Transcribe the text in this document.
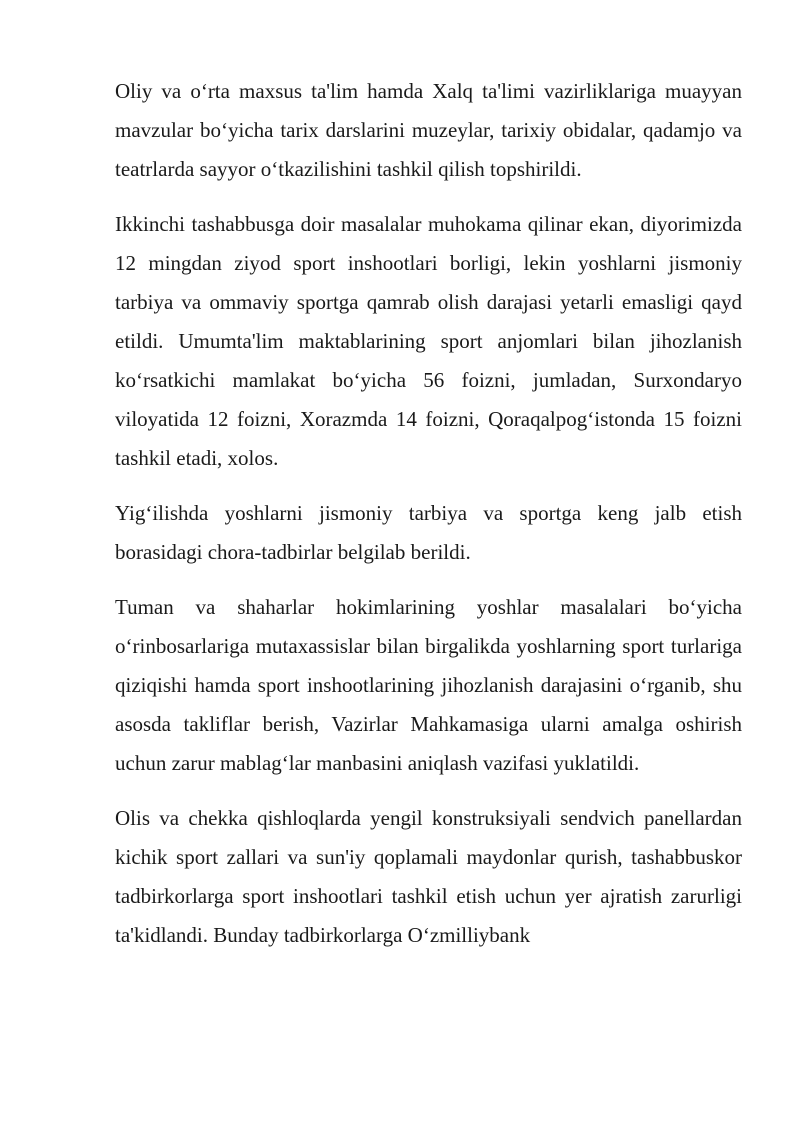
Oliy va o‘rta maxsus ta'lim hamda Xalq ta'limi vazirliklariga muayyan mavzular bo‘yicha tarix darslarini muzeylar, tarixiy obidalar, qadamjo va teatrlarda sayyor o‘tkazilishini tashkil qilish topshirildi.

Ikkinchi tashabbusga doir masalalar muhokama qilinar ekan, diyorimizda 12 mingdan ziyod sport inshootlari borligi, lekin yoshlarni jismoniy tarbiya va ommaviy sportga qamrab olish darajasi yetarli emasligi qayd etildi. Umumta'lim maktablarining sport anjomlari bilan jihozlanish ko‘rsatkichi mamlakat bo‘yicha 56 foizni, jumladan, Surxondaryo viloyatida 12 foizni, Xorazmda 14 foizni, Qoraqalpog‘istonda 15 foizni tashkil etadi, xolos.

Yig‘ilishda yoshlarni jismoniy tarbiya va sportga keng jalb etish borasidagi chora-tadbirlar belgilab berildi.

Tuman va shaharlar hokimlarining yoshlar masalalari bo‘yicha o‘rinbosarlariga mutaxassislar bilan birgalikda yoshlarning sport turlariga qiziqishi hamda sport inshootlarining jihozlanish darajasini o‘rganib, shu asosda takliflar berish, Vazirlar Mahkamasiga ularni amalga oshirish uchun zarur mablag‘lar manbasini aniqlash vazifasi yuklatildi.

Olis va chekka qishloqlarda yengil konstruksiyali sendvich panellardan kichik sport zallari va sun'iy qoplamali maydonlar qurish, tashabbuskor tadbirkorlarga sport inshootlari tashkil etish uchun yer ajratish zarurligi ta'kidlandi. Bunday tadbirkorlarga O‘zmilliybank
